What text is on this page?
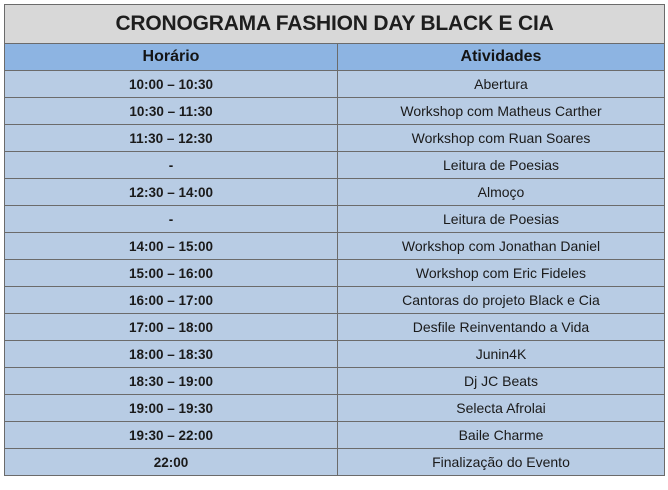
CRONOGRAMA FASHION DAY BLACK E CIA	
Horário	Atividades
10:00 – 10:30	Abertura
10:30 – 11:30	Workshop com Matheus Carther
11:30 – 12:30	Workshop com Ruan Soares
-	Leitura de Poesias
12:30 – 14:00	Almoço
-	Leitura de Poesias
14:00 – 15:00	Workshop com Jonathan Daniel
15:00 – 16:00	Workshop com Eric Fideles
16:00 – 17:00	Cantoras do projeto Black e Cia
17:00 – 18:00	Desfile Reinventando a Vida
18:00 – 18:30	Junin4K
18:30 – 19:00	Dj JC Beats
19:00 – 19:30	Selecta Afrolai
19:30 – 22:00	Baile Charme
22:00	Finalização do Evento
